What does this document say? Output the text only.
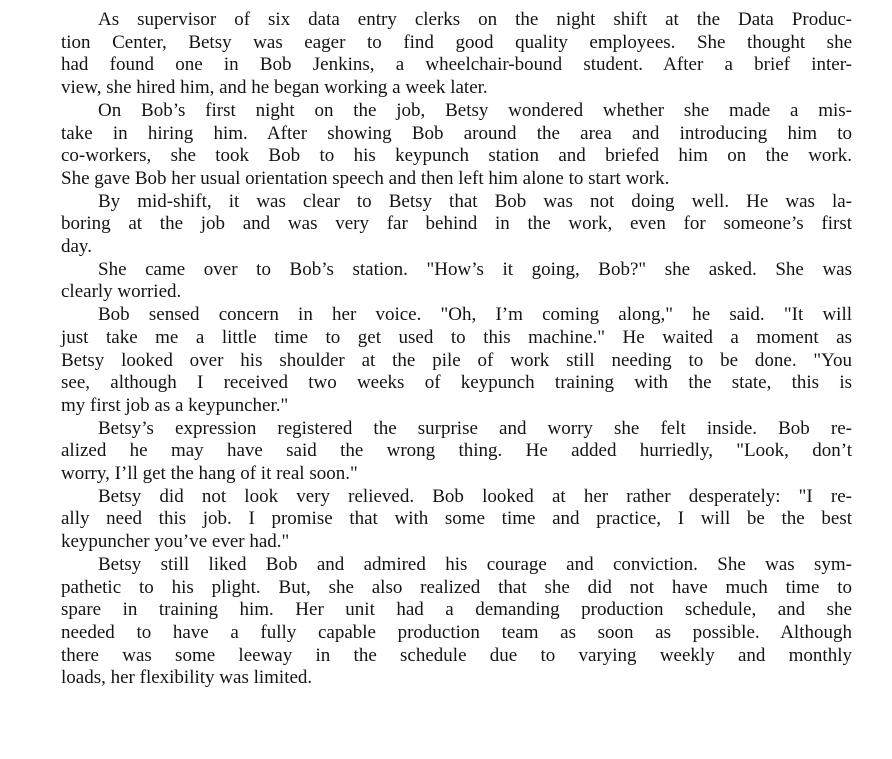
As supervisor of six data entry clerks on the night shift at the Data Produc-
tion Center, Betsy was eager to find good quality employees. She thought she
had found one in Bob Jenkins, a wheelchair-bound student. After a brief inter-
view, she hired him, and he began working a week later.
On Bob’s first night on the job, Betsy wondered whether she made a mis-
take in hiring him. After showing Bob around the area and introducing him to
co-workers, she took Bob to his keypunch station and briefed him on the work.
She gave Bob her usual orientation speech and then left him alone to start work.
By mid-shift, it was clear to Betsy that Bob was not doing well. He was la-
boring at the job and was very far behind in the work, even for someone’s first
day.
She came over to Bob’s station. "How’s it going, Bob?" she asked. She was
clearly worried.
Bob sensed concern in her voice. "Oh, I’m coming along," he said. "It will
just take me a little time to get used to this machine." He waited a moment as
Betsy looked over his shoulder at the pile of work still needing to be done. "You
see, although I received two weeks of keypunch training with the state, this is
my first job as a keypuncher."
Betsy’s expression registered the surprise and worry she felt inside. Bob re-
alized he may have said the wrong thing. He added hurriedly, "Look, don’t
worry, I’ll get the hang of it real soon."
Betsy did not look very relieved. Bob looked at her rather desperately: "I re-
ally need this job. I promise that with some time and practice, I will be the best
keypuncher you’ve ever had."
Betsy still liked Bob and admired his courage and conviction. She was sym-
pathetic to his plight. But, she also realized that she did not have much time to
spare in training him. Her unit had a demanding production schedule, and she
needed to have a fully capable production team as soon as possible. Although
there was some leeway in the schedule due to varying weekly and monthly
loads, her flexibility was limited.
